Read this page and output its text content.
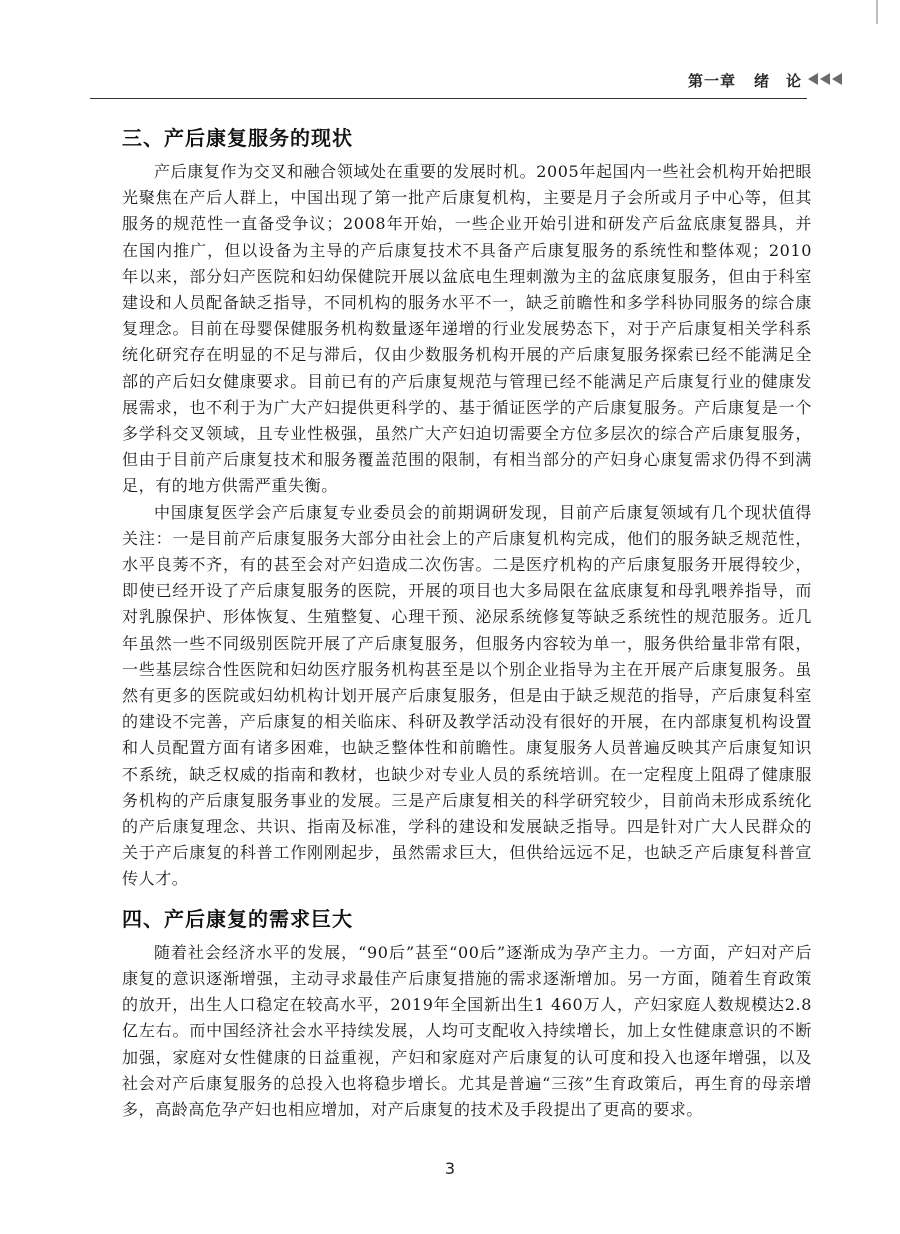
第一章 绪　论
三、产后康复服务的现状

产后康复作为交叉和融合领域处在重要的发展时机。2005年起国内一些社会机构开始把眼光聚焦在产后人群上，中国出现了第一批产后康复机构，主要是月子会所或月子中心等，但其服务的规范性一直备受争议；2008年开始，一些企业开始引进和研发产后盆底康复器具，并在国内推广，但以设备为主导的产后康复技术不具备产后康复服务的系统性和整体观；2010年以来，部分妇产医院和妇幼保健院开展以盆底电生理刺激为主的盆底康复服务，但由于科室建设和人员配备缺乏指导，不同机构的服务水平不一，缺乏前瞻性和多学科协同服务的综合康复理念。目前在母婴保健服务机构数量逐年递增的行业发展势态下，对于产后康复相关学科系统化研究存在明显的不足与滞后，仅由少数服务机构开展的产后康复服务探索已经不能满足全部的产后妇女健康要求。目前已有的产后康复规范与管理已经不能满足产后康复行业的健康发展需求，也不利于为广大产妇提供更科学的、基于循证医学的产后康复服务。产后康复是一个多学科交叉领域，且专业性极强，虽然广大产妇迫切需要全方位多层次的综合产后康复服务，但由于目前产后康复技术和服务覆盖范围的限制，有相当部分的产妇身心康复需求仍得不到满足，有的地方供需严重失衡。

中国康复医学会产后康复专业委员会的前期调研发现，目前产后康复领域有几个现状值得关注：一是目前产后康复服务大部分由社会上的产后康复机构完成，他们的服务缺乏规范性，水平良莠不齐，有的甚至会对产妇造成二次伤害。二是医疗机构的产后康复服务开展得较少，即使已经开设了产后康复服务的医院，开展的项目也大多局限在盆底康复和母乳喂养指导，而对乳腺保护、形体恢复、生殖整复、心理干预、泌尿系统修复等缺乏系统性的规范服务。近几年虽然一些不同级别医院开展了产后康复服务，但服务内容较为单一，服务供给量非常有限，一些基层综合性医院和妇幼医疗服务机构甚至是以个别企业指导为主在开展产后康复服务。虽然有更多的医院或妇幼机构计划开展产后康复服务，但是由于缺乏规范的指导，产后康复科室的建设不完善，产后康复的相关临床、科研及教学活动没有很好的开展，在内部康复机构设置和人员配置方面有诸多困难，也缺乏整体性和前瞻性。康复服务人员普遍反映其产后康复知识不系统，缺乏权威的指南和教材，也缺少对专业人员的系统培训。在一定程度上阻碍了健康服务机构的产后康复服务事业的发展。三是产后康复相关的科学研究较少，目前尚未形成系统化的产后康复理念、共识、指南及标准，学科的建设和发展缺乏指导。四是针对广大人民群众的关于产后康复的科普工作刚刚起步，虽然需求巨大，但供给远远不足，也缺乏产后康复科普宣传人才。

四、产后康复的需求巨大

随着社会经济水平的发展，“90后”甚至“00后”逐渐成为孕产主力。一方面，产妇对产后康复的意识逐渐增强，主动寻求最佳产后康复措施的需求逐渐增加。另一方面，随着生育政策的放开，出生人口稳定在较高水平，2019年全国新出生1 460万人，产妇家庭人数规模达2.8亿左右。而中国经济社会水平持续发展，人均可支配收入持续增长，加上女性健康意识的不断加强，家庭对女性健康的日益重视，产妇和家庭对产后康复的认可度和投入也逐年增强，以及社会对产后康复服务的总投入也将稳步增长。尤其是普遍“三孩”生育政策后，再生育的母亲增多，高龄高危孕产妇也相应增加，对产后康复的技术及手段提出了更高的要求。

3
